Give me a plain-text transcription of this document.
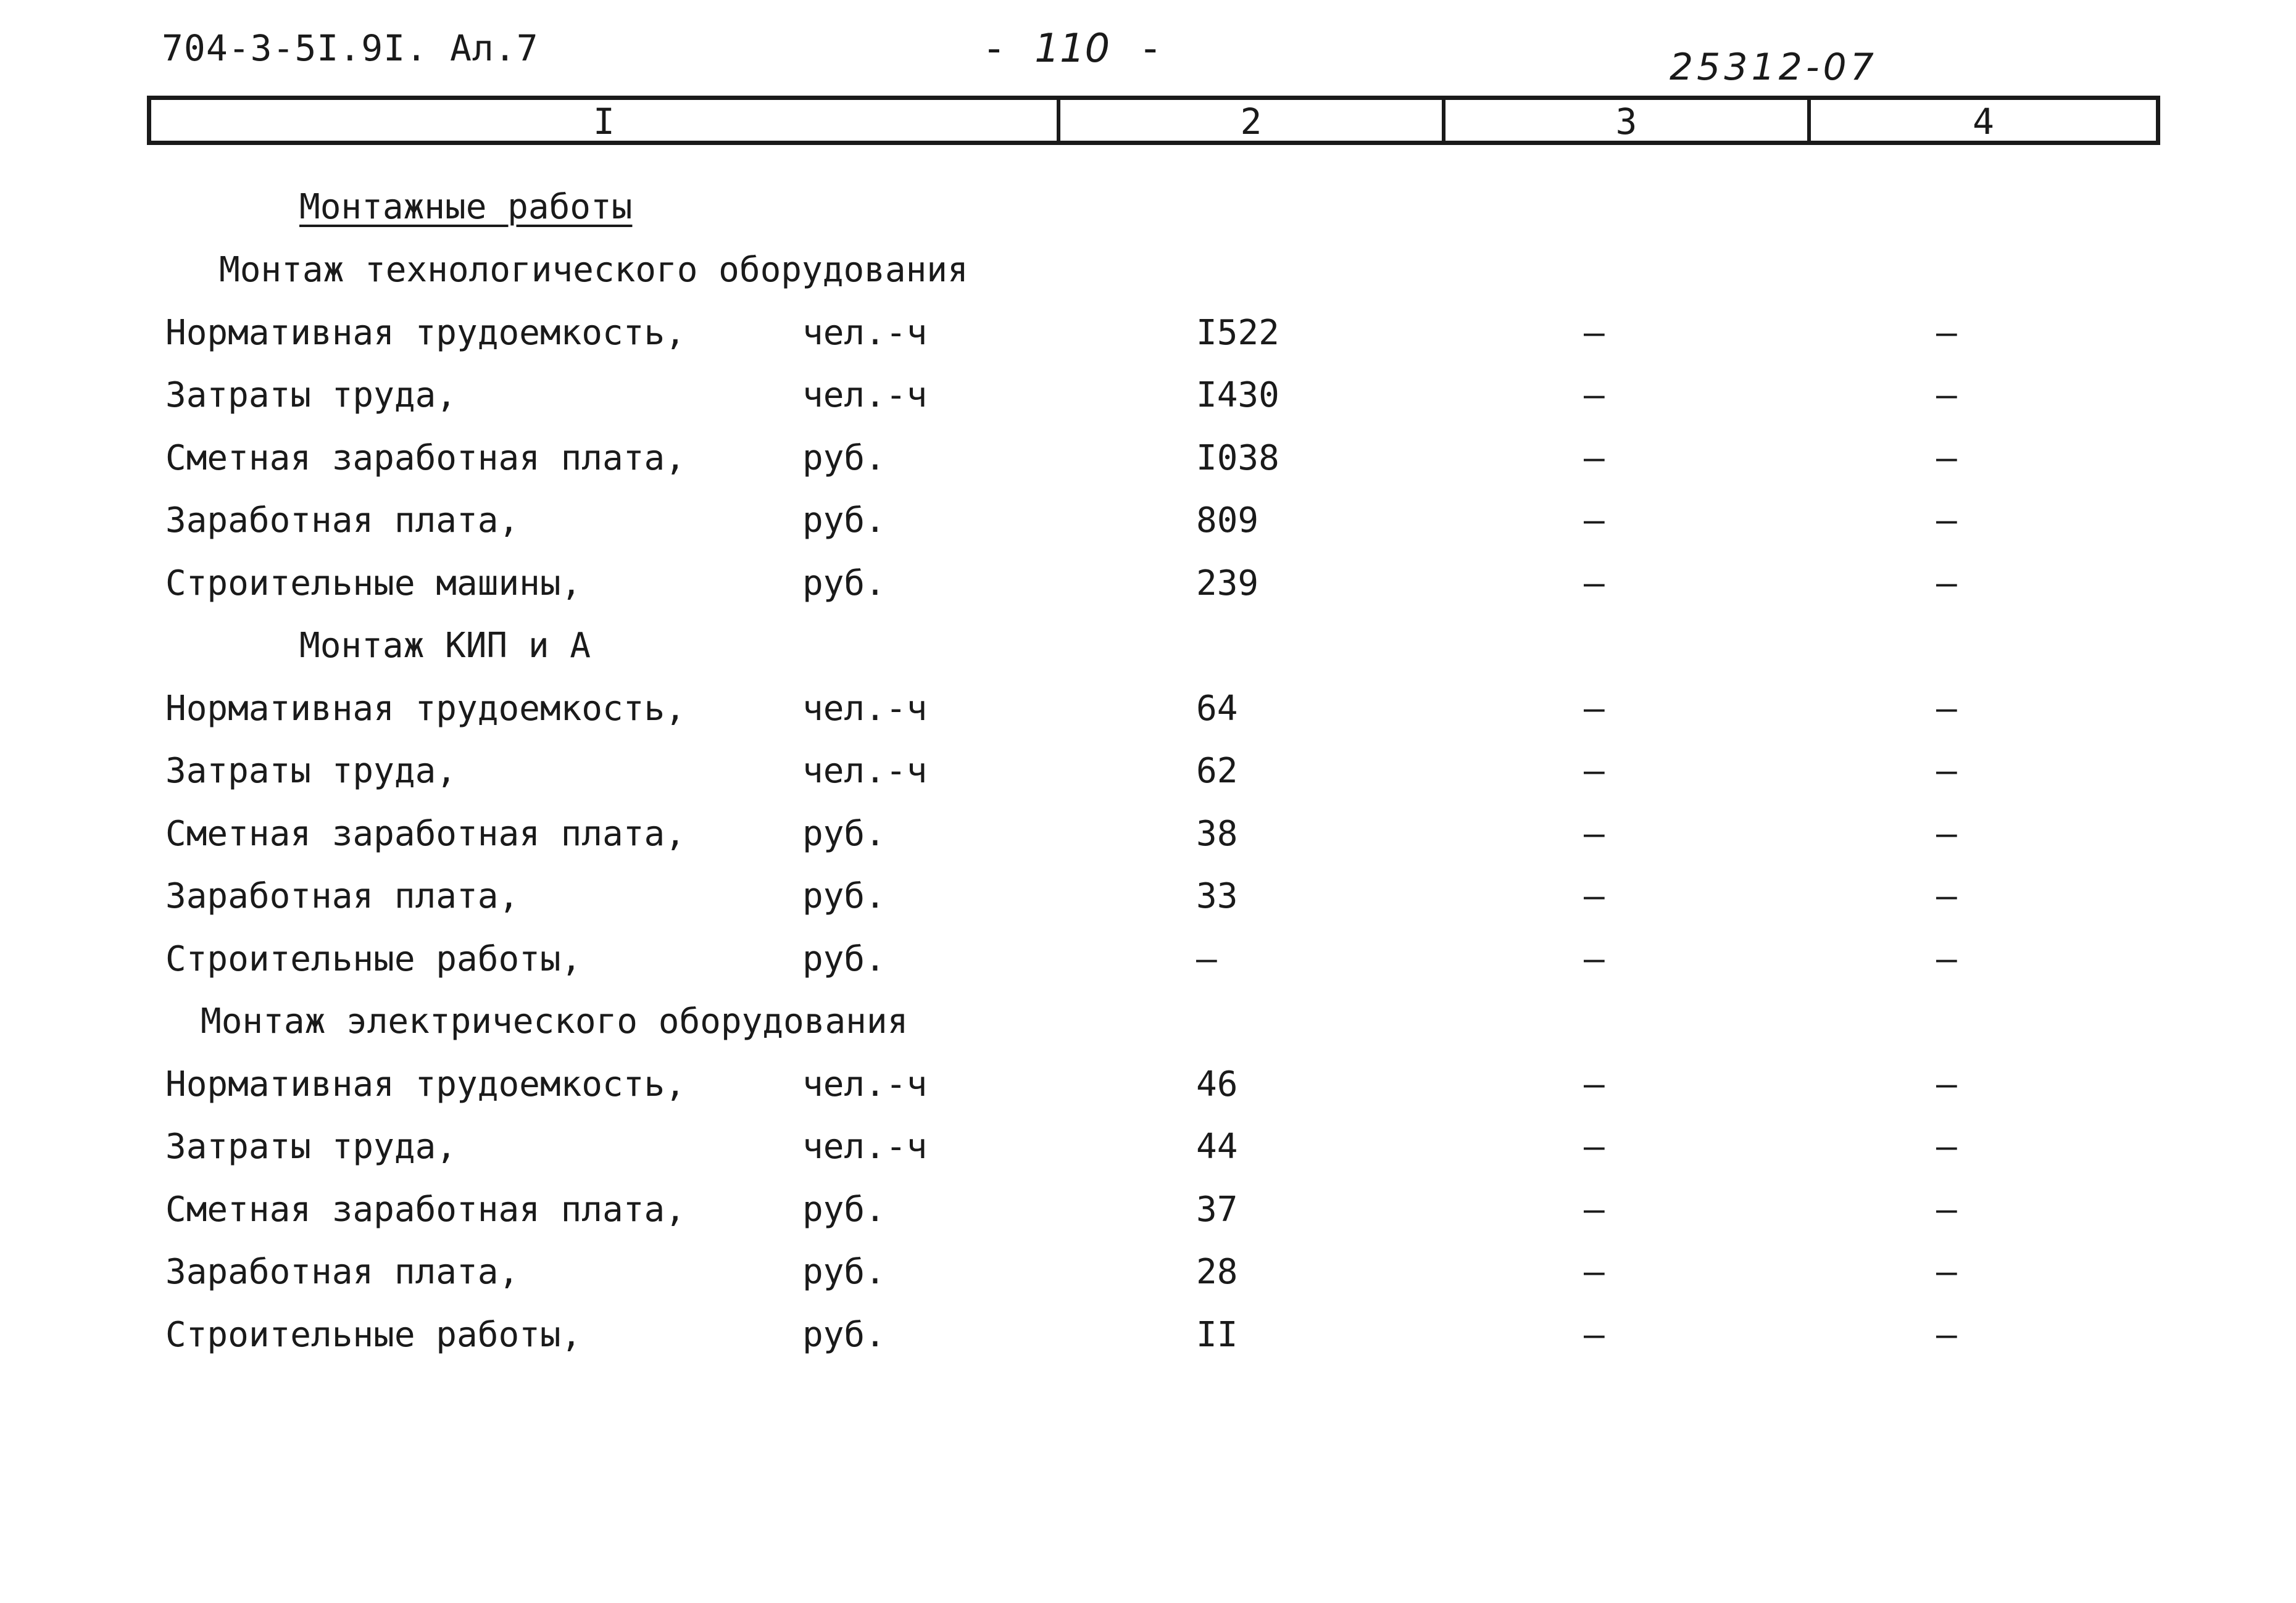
704-3-5I.9I. Ал.7	- 110 -	25312-07
I	2	3	4
Монтажные работы
Монтаж технологического оборудования
Нормативная трудоемкость,	чел.-ч	I522	–	–
Затраты труда,	чел.-ч	I430	–	–
Сметная заработная плата,	руб.	I038	–	–
Заработная плата,	руб.	809	–	–
Строительные машины,	руб.	239	–	–
Монтаж КИП и А
Нормативная трудоемкость,	чел.-ч	64	–	–
Затраты труда,	чел.-ч	62	–	–
Сметная заработная плата,	руб.	38	–	–
Заработная плата,	руб.	33	–	–
Строительные работы,	руб.	–	–	–
Монтаж электрического оборудования
Нормативная трудоемкость,	чел.-ч	46	–	–
Затраты труда,	чел.-ч	44	–	–
Сметная заработная плата,	руб.	37	–	–
Заработная плата,	руб.	28	–	–
Строительные работы,	руб.	II	–	–
